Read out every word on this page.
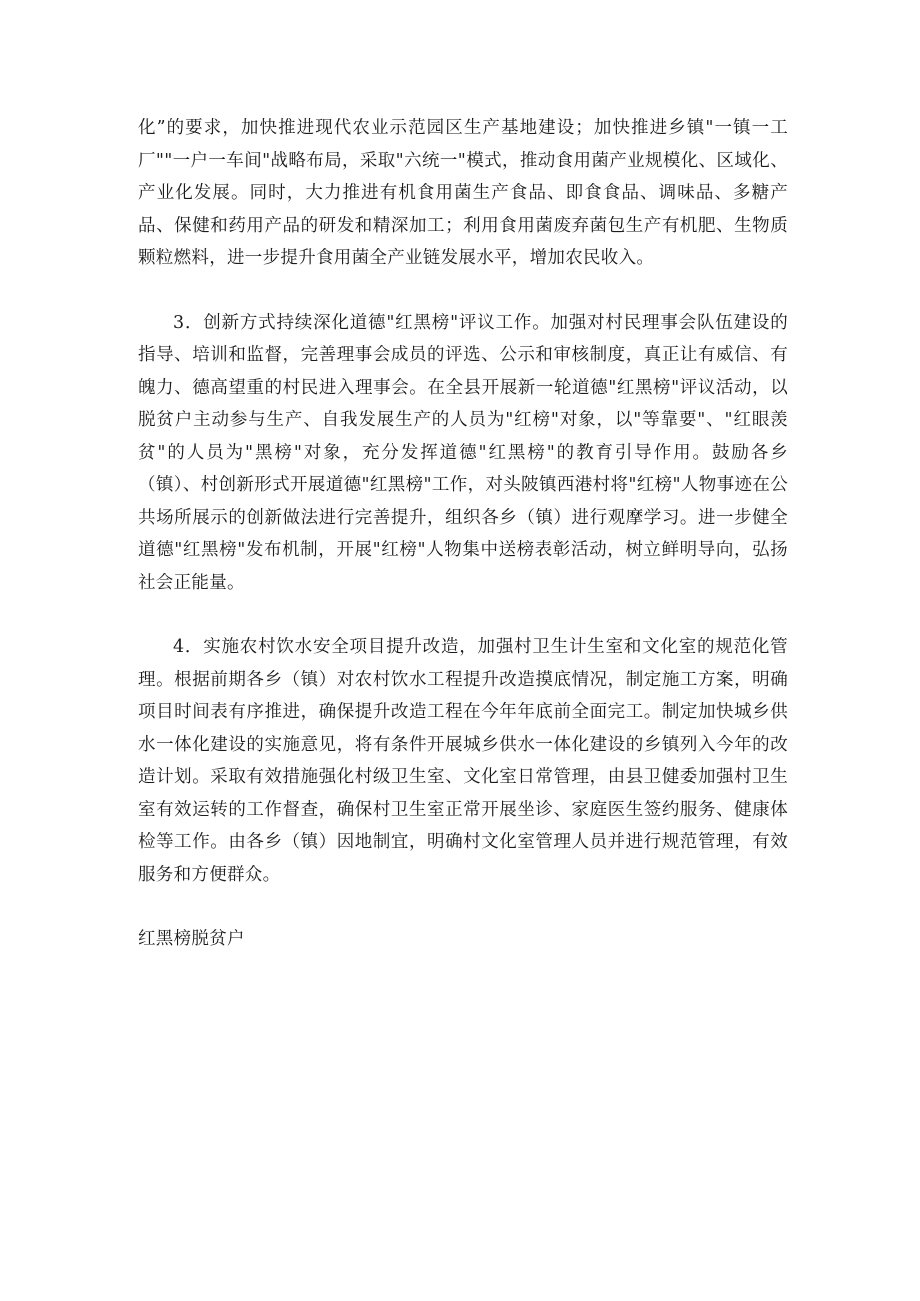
化”的要求，加快推进现代农业示范园区生产基地建设；加快推进乡镇"一镇一工厂""一户一车间"战略布局，采取"六统一"模式，推动食用菌产业规模化、区域化、产业化发展。同时，大力推进有机食用菌生产食品、即食食品、调味品、多糖产品、保健和药用产品的研发和精深加工；利用食用菌废弃菌包生产有机肥、生物质颗粒燃料，进一步提升食用菌全产业链发展水平，增加农民收入。

3．创新方式持续深化道德"红黑榜"评议工作。加强对村民理事会队伍建设的指导、培训和监督，完善理事会成员的评选、公示和审核制度，真正让有威信、有魄力、德高望重的村民进入理事会。在全县开展新一轮道德"红黑榜"评议活动，以脱贫户主动参与生产、自我发展生产的人员为"红榜"对象，以"等靠要"、"红眼羡贫"的人员为"黑榜"对象，充分发挥道德"红黑榜"的教育引导作用。鼓励各乡（镇）、村创新形式开展道德"红黑榜"工作，对头陂镇西港村将"红榜"人物事迹在公共场所展示的创新做法进行完善提升，组织各乡（镇）进行观摩学习。进一步健全道德"红黑榜"发布机制，开展"红榜"人物集中送榜表彰活动，树立鲜明导向，弘扬社会正能量。

4．实施农村饮水安全项目提升改造，加强村卫生计生室和文化室的规范化管理。根据前期各乡（镇）对农村饮水工程提升改造摸底情况，制定施工方案，明确项目时间表有序推进，确保提升改造工程在今年年底前全面完工。制定加快城乡供水一体化建设的实施意见，将有条件开展城乡供水一体化建设的乡镇列入今年的改造计划。采取有效措施强化村级卫生室、文化室日常管理，由县卫健委加强村卫生室有效运转的工作督查，确保村卫生室正常开展坐诊、家庭医生签约服务、健康体检等工作。由各乡（镇）因地制宜，明确村文化室管理人员并进行规范管理，有效服务和方便群众。

红黑榜脱贫户
